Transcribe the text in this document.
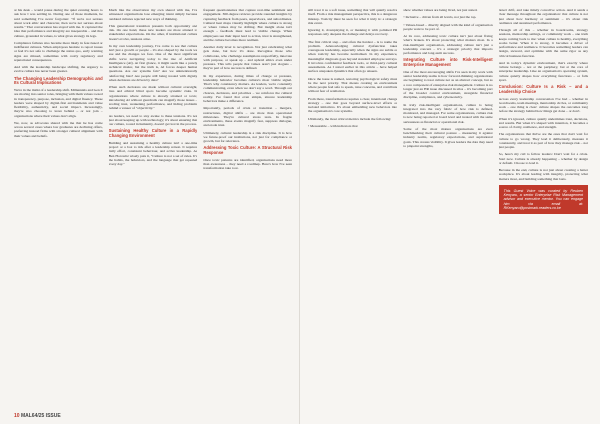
at his desk – would pause during the quiet evening hours to ask how I was settling in. During one of those moments, he said something I've never forgotten: "If we're not serious about work ethic and character, then we're not serious about results." That conversation has stayed with me. It captured the idea that performance and integrity are inseparable – and that culture, grounded in values, is what gives strategy its legs.

Compliance failures also became more likely in fear-based or indifferent cultures. When employees hesitate to report issues or feel it's not safe to challenge the status quo, early warning signs are missed, sometimes with costly regulatory and reputational consequences.

And with the leadership landscape shifting, the urgency to evolve culture has never been greater.

The Changing Leadership Demographic and Its Cultural Implications

We're in the midst of a leadership shift. Millennials and Gen Z are moving into senior roles, bringing with them values rooted in transparency, purpose, inclusion, and digital fluency. These leaders were shaped by digital-first environments and value flexibility, authenticity, and social impact. Increasingly, they're also choosing to leave behind – or not join – organisations where their values don't align.

We, now, as advocates shared with me that he has come across several cases where law graduates are declining offers, preferring instead firms with stronger cultural alignment with their values and beliefs.

Much like the observation my own shared with me, I've witnessed organisations lose emerging talent simply because outdated cultures rejected new ways of thinking.

This generational transition presents both opportunity and risk. On one hand, these new leaders are more attuned to stakeholder expectations. On the other, if institutional culture doesn't evolve, tensions arise.

In my own leadership journey, I've come to see that culture isn't just a growth or people – it's also shaped by the tools we use and the changes we face. One of the most significant shifts we're navigating today is the rise of Artificial Intelligence (AI). At first glance, it might seem like a purely technical matter, but the truth is, AI forces deeper human questions. Are our systems fair? Are we unintentionally reinforcing bias? Are people still being treated with dignity when decisions are driven by data?

When such decisions are made without cultural oversight, bias and ethical blind spots become systemic risks. In organisations where culture is already strained or toxic, introducing AI without guardrails can magnify those issues – eroding trust, weakening performance, and hiding problems behind a veneer of "objectivity."

As leaders, we need to stay awake to these tensions. It's not just about keeping up with technology; it's about ensuring that our culture, rooted in humanity, doesn't get lost in the process.

Sustaining Healthy Culture in a Rapidly Changing Environment

Building and sustaining a healthy culture isn't a one-time project or a box to tick after a leadership retreat. It requires daily effort, consistent behaviour, and active leadership. As Ben Horowitz wisely puts it, "Culture is not a set of rules. It's the habits, the behaviors, and the language that get repeated every day."

frequent questionnaires that capture real-time sentiment and engagement. 360-degree reviews provide rounded insights by capturing feedback from peers, supervisors, and subordinates. Cultural heat maps visually highlight where culture is strong or where values may be drifting. But insight alone isn't enough – feedback must lead to visible change. When employees see their input lead to action, trust is strengthened, and the culture becomes more resilient.

Another daily lever is recognition. Not just celebrating what gets done, but how it's done. Recognise those who collaborate, who challenge assumptions respectfully, innovate with purpose, or speak up – and uphold ethics even under pressure. This tells people that values aren't just slogans – they're part of how success is defined.

In my experience, during times of change or pressure, leadership behavior becomes culture's most visible signal. That's why consistency matters. As leaders, we're constantly communicating, even when we don't say a word. Through our choices, decisions, and priorities – we reinforce the cultural reality. I've found that even simple, sincere leadership behaviors make a difference.

Importantly, periods of crisis or transition – mergers, restructures, digital shifts – are more than operational milestones. They're cultural stress tests. In fragile environments, these events magnify fear, suppress dialogue, and erode trust.

Ultimately, cultural leadership is a risk discipline. It is how we future-proof our institutions, not just for compliance or growth, but for relevance.

Addressing Toxic Culture: A Structural Risk Response

Once toxic patterns are identified, organisations need more than awareness – they need a roadmap. Here's how I've seen transformation take root.

10 MAL64/25 ISSUE

still treat it as a soft issue, something that will quietly resolve itself. From a risk management perspective, this is a dangerous misstep. Toxicity must be seen for what it truly is: a strategic risk event.

Ignoring it, downplaying it, or masking it with polished PR responses only deepens the damage and delays recovery.

The first critical step – and often the hardest – is to name the problem. Acknowledging cultural dysfunction takes courageous leadership, especially when the signs are subtle or when toxicity has become normalised. In my experience, meaningful diagnosis goes beyond standard employee surveys. It involves confidential feedback tools, or third-party cultural assessments. As I stated earlier in this article – have helped surface unspoken dynamics that often go unseen.

Once the issue is named, restoring psychological safety must be the next priority. That means creating an environment where people feel safe to speak, raise concerns, and contribute without fear of retaliation.

From there, transformation requires a clear, intentional change strategy – one that goes beyond surface-level efforts or isolated initiatives. It's about embedding new behaviors into the organisation's core systems.

Ultimately, the most critical metrics include the following:

• Measurable – with indicators that

show whether values are being lived, not just stated.

• Inclusive – driven from all levels, not just the top.

• Values-based – directly aligned with the kind of organisation people want to be part of.

At its core, addressing toxic culture isn't just about fixing what's broken. It's about protecting what matters most. In a risk-intelligent organisation, addressing culture isn't just a leadership concern – it's a strategic priority that impacts performance and long-term success.

Integrating Culture into Risk-Intelligent Enterprise Management

One of the most encouraging shifts I've seen in my work with senior leadership teams is how forward-thinking organisations are beginning to treat culture not as an abstract concept, but as a core component of enterprise risk management. Culture is no longer just an HR issue discussed in silos – it's becoming part of the broader control environment, alongside financial discipline, compliance, and cybersecurity.

In truly risk-intelligent organisations, culture is being integrated into the very fabric of how risk is defined, monitored, and managed. For some organisations, culture risk is now being reported at board level and treated with the same seriousness as financial or operational risk.

Some of the most mature organisations are even benchmarking their cultural posture – measuring it against industry norms, regulatory expectations, and aspirational goals. This creates visibility. It gives leaders the data they need to pinpoint strengths,

detect drift, and take timely corrective action. And it sends a clear message throughout the organisation: that culture is not just about how harmony or sentiment – it's about risk resilience and sustained performance.

Through all of this – whether in boardrooms, strategy sessions, mentorship settings, or community work – one truth keeps coming back to me: when culture is healthy, everything works better. When it is strong, it becomes a driver of performance and resilience. It becomes something leaders can design, steward, and optimize with the same rigor as any critical business function.

And in today's dynamic environment, that's exactly where culture belongs – not at the periphery, but at the core of enterprise leadership. Like an organisation's operating system, culture quietly shapes how everything functions – or falls apart.

Conclusion: Culture Is a Risk – and a Leadership Choice

Across every leadership conversation I've had – whether in boardrooms, team meetings, mentorship circles, or community work – one thing is clear: culture shapes the outcomes long before the strategy behind how things get done – or don't.

When it's ignored, culture quietly undermines trust, decisions, and results. But when it's shaped with intention, it becomes a source of clarity, resilience, and strength.

The organisations that thrive are the ones that don't wait for culture to go wrong. They lead it deliberately, measure it consistently, and treat it as part of how they manage risk – not just people.

So, here's my call to fellow leaders: Don't wait for a crisis. Start now. Culture is already happening – whether by design or default. Choose to lead it.

Because in the end, culture is not just about creating a better workplace. It's about leading with integrity, protecting what matters most, and building something that lasts.

This Guest Voice was curated by Reuben Kenyaru, a senior Enterprise Risk Management advisor and executive mentor. You can engage him via email at: RKenyaru@postmark.readers.co.ke
